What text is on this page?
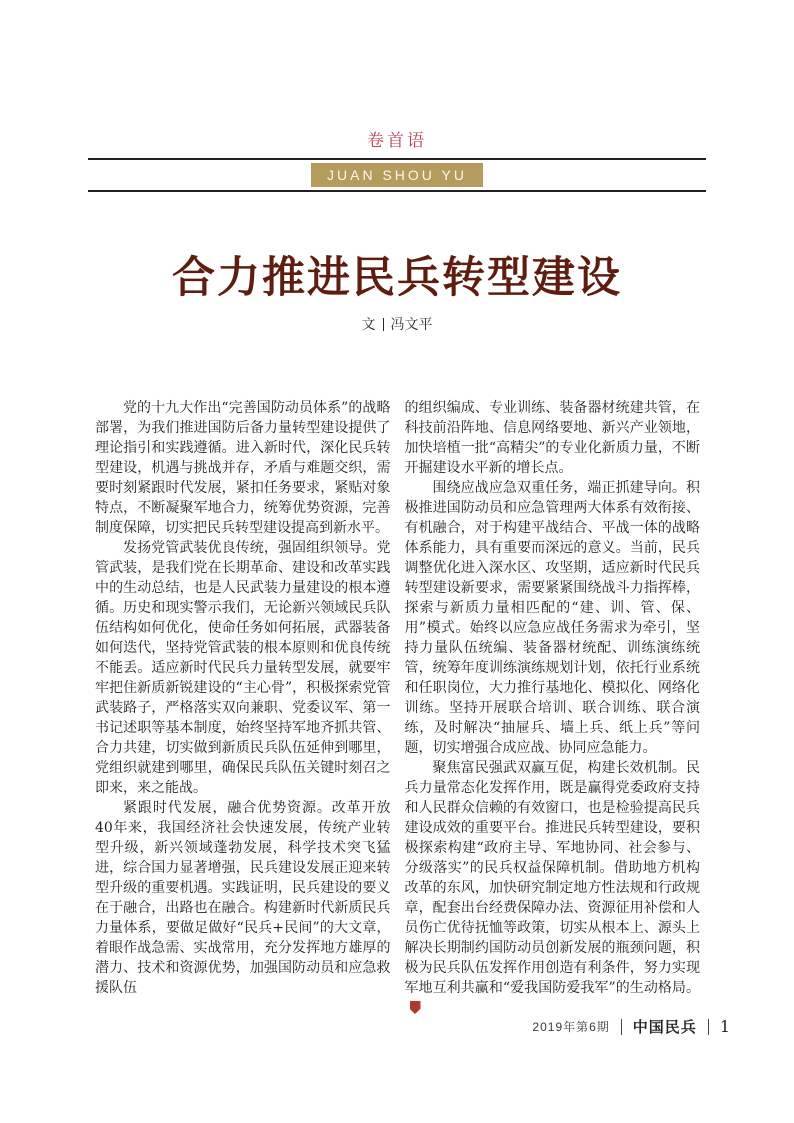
卷首语
JUAN SHOU YU
合力推进民兵转型建设
文 冯文平

党的十九大作出“完善国防动员体系”的战略部署，为我们推进国防后备力量转型建设提供了理论指引和实践遵循。进入新时代，深化民兵转型建设，机遇与挑战并存，矛盾与难题交织，需要时刻紧跟时代发展，紧扣任务要求，紧贴对象特点，不断凝聚军地合力，统筹优势资源，完善制度保障，切实把民兵转型建设提高到新水平。

发扬党管武装优良传统，强固组织领导。党管武装，是我们党在长期革命、建设和改革实践中的生动总结，也是人民武装力量建设的根本遵循。历史和现实警示我们，无论新兴领域民兵队伍结构如何优化，使命任务如何拓展，武器装备如何迭代，坚持党管武装的根本原则和优良传统不能丢。适应新时代民兵力量转型发展，就要牢牢把住新质新锐建设的“主心骨”，积极探索党管武装路子，严格落实双向兼职、党委议军、第一书记述职等基本制度，始终坚持军地齐抓共管、合力共建，切实做到新质民兵队伍延伸到哪里，党组织就建到哪里，确保民兵队伍关键时刻召之即来，来之能战。

紧跟时代发展，融合优势资源。改革开放40年来，我国经济社会快速发展，传统产业转型升级，新兴领域蓬勃发展，科学技术突飞猛进，综合国力显著增强，民兵建设发展正迎来转型升级的重要机遇。实践证明，民兵建设的要义在于融合，出路也在融合。构建新时代新质民兵力量体系，要做足做好“民兵+民间”的大文章，着眼作战急需、实战常用，充分发挥地方雄厚的潜力、技术和资源优势，加强国防动员和应急救援队伍

的组织编成、专业训练、装备器材统建共管，在科技前沿阵地、信息网络要地、新兴产业领地，加快培植一批“高精尖”的专业化新质力量，不断开掘建设水平新的增长点。

围绕应战应急双重任务，端正抓建导向。积极推进国防动员和应急管理两大体系有效衔接、有机融合，对于构建平战结合、平战一体的战略体系能力，具有重要而深远的意义。当前，民兵调整优化进入深水区、攻坚期，适应新时代民兵转型建设新要求，需要紧紧围绕战斗力指挥棒，探索与新质力量相匹配的“建、训、管、保、用”模式。始终以应急应战任务需求为牵引，坚持力量队伍统编、装备器材统配、训练演练统管，统筹年度训练演练规划计划，依托行业系统和任职岗位，大力推行基地化、模拟化、网络化训练。坚持开展联合培训、联合训练、联合演练，及时解决“抽屉兵、墙上兵、纸上兵”等问题，切实增强合成应战、协同应急能力。

聚焦富民强武双赢互促，构建长效机制。民兵力量常态化发挥作用，既是赢得党委政府支持和人民群众信赖的有效窗口，也是检验提高民兵建设成效的重要平台。推进民兵转型建设，要积极探索构建“政府主导、军地协同、社会参与、分级落实”的民兵权益保障机制。借助地方机构改革的东风，加快研究制定地方性法规和行政规章，配套出台经费保障办法、资源征用补偿和人员伤亡优待抚恤等政策，切实从根本上、源头上解决长期制约国防动员创新发展的瓶颈问题，积极为民兵队伍发挥作用创造有利条件，努力实现军地互利共赢和“爱我国防爱我军”的生动格局。

2019年第6期 中国民兵 1
